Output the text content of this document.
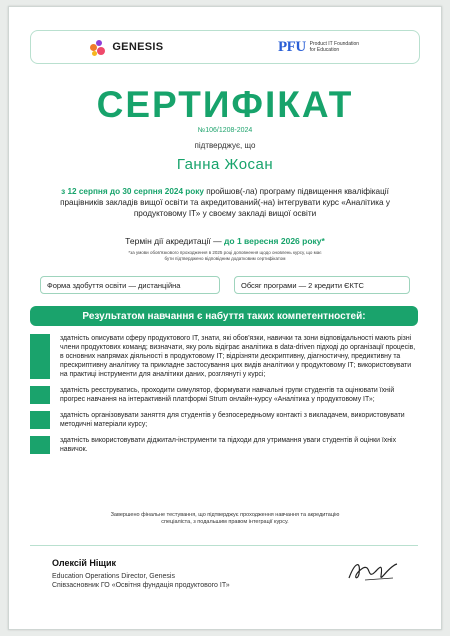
GENESIS	PFU Product IT Foundation for Education
СЕРТИФІКАТ
№106/1208-2024
підтверджує, що
Ганна Жосан
з 12 серпня до 30 серпня 2024 року пройшов(-ла) програму підвищення кваліфікації працівників закладів вищої освіти та акредитований(-на) інтегрувати курс «Аналітика у продуктовому ІТ» у своєму закладі вищої освіти
Термін дії акредитації — до 1 вересня 2026 року*
*за умови обов'язкового проходження в 2025 році доповнення щодо оновлень курсу, що має бути підтверджено відповідним додатковим сертифікатом
Форма здобуття освіти — дистанційна	Обсяг програми — 2 кредити ЄКТС
Результатом навчання є набуття таких компетентностей:
здатність описувати сферу продуктового ІТ, знати, які обов'язки, навички та зони відповідальності мають різні члени продуктових команд; визначати, яку роль відіграє аналітика в data-driven підході до організації процесів, в основних напрямах діяльності в продуктовому ІТ; відрізняти дескриптивну, діагностичну, предиктивну та прескриптивну аналітику та прикладне застосування цих видів аналітики у продуктовому ІТ; використовувати на практиці інструменти для аналітики даних, розглянуті у курсі;
здатність реєструватись, проходити симулятор, формувати навчальні групи студентів та оцінювати їхній прогрес навчання на інтерактивній платформі Strum онлайн-курсу «Аналітика у продуктовому ІТ»;
здатність організовувати заняття для студентів у безпосередньому контакті з викладачем, використовувати методичні матеріали курсу;
здатність використовувати діджитал-інструменти та підходи для утримання уваги студентів й оцінки їхніх навичок.
Завершено фінальне тестування, що підтверджує проходження навчання та акредитацію спеціаліста, з подальшим правом інтеграції курсу.
Олексій Ніщик
Education Operations Director, Genesis
Співзасновник ГО «Освітня фундація продуктового ІТ»
